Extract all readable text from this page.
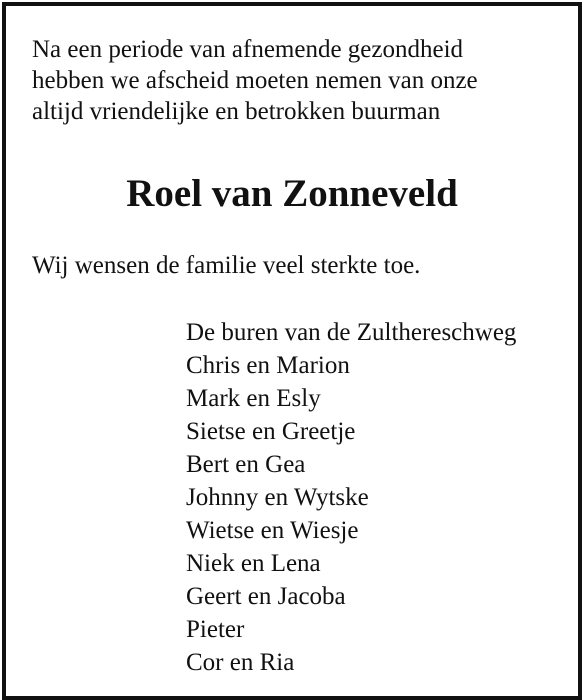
Na een periode van afnemende gezondheid
hebben we afscheid moeten nemen van onze
altijd vriendelijke en betrokken buurman
Roel van Zonneveld
Wij wensen de familie veel sterkte toe.
De buren van de Zulthereschweg
Chris en Marion
Mark en Esly
Sietse en Greetje
Bert en Gea
Johnny en Wytske
Wietse en Wiesje
Niek en Lena
Geert en Jacoba
Pieter
Cor en Ria
